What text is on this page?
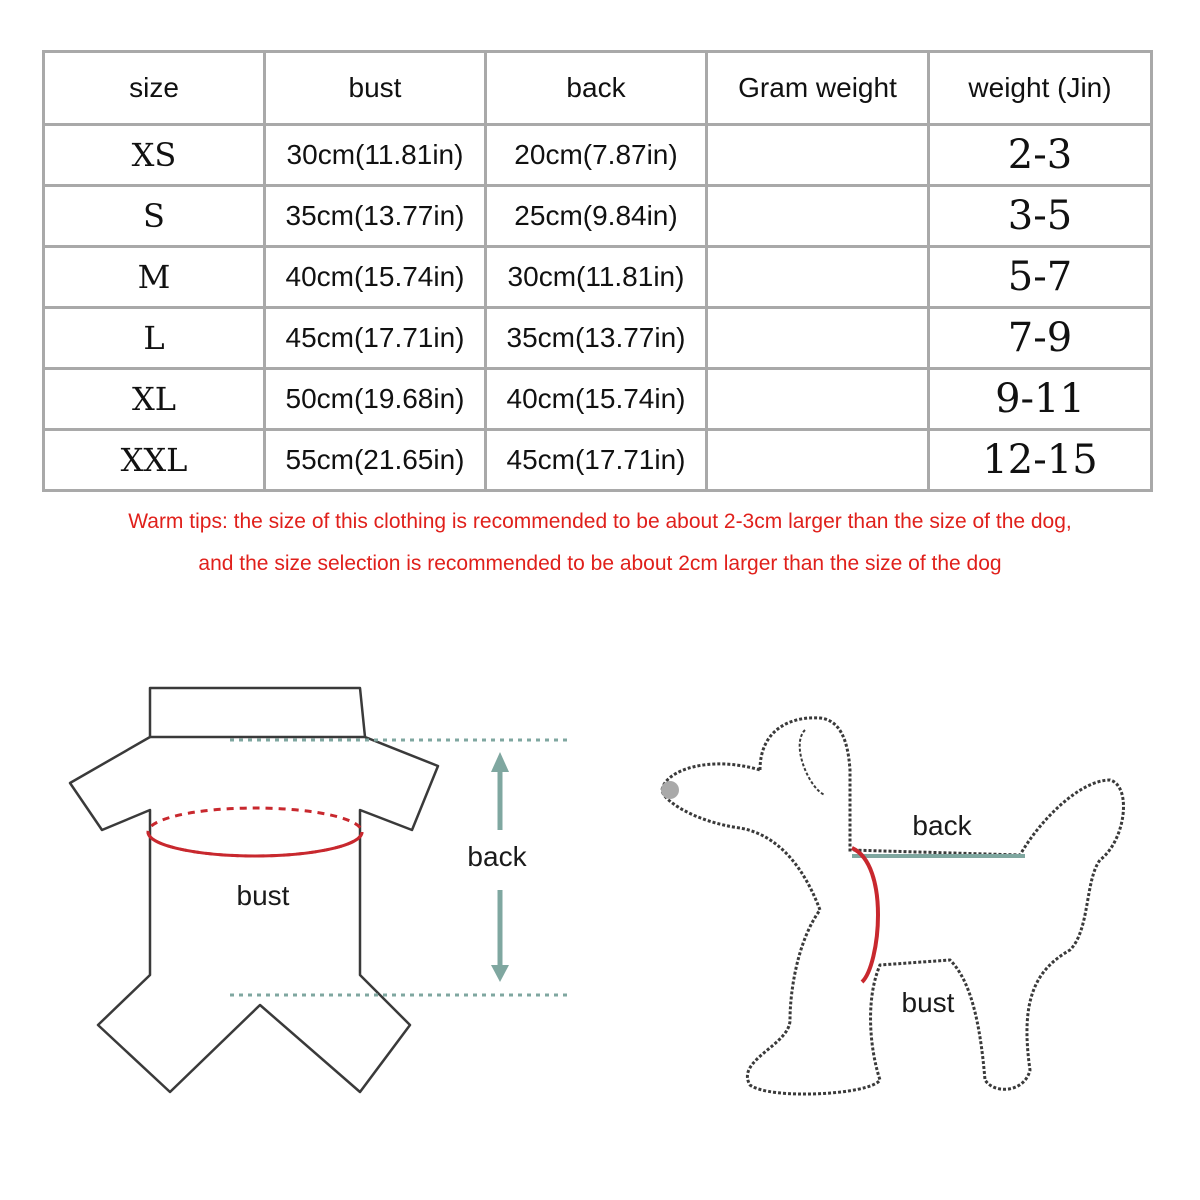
size	bust	back	Gram weight	weight (Jin)
XS	30cm(11.81in)	20cm(7.87in)		2-3
S	35cm(13.77in)	25cm(9.84in)		3-5
M	40cm(15.74in)	30cm(11.81in)		5-7
L	45cm(17.71in)	35cm(13.77in)		7-9
XL	50cm(19.68in)	40cm(15.74in)		9-11
XXL	55cm(21.65in)	45cm(17.71in)		12-15
Warm tips: the size of this clothing is recommended to be about 2-3cm larger than the size of the dog,
and the size selection is recommended to be about 2cm larger than the size of the dog
bust
back
back
bust
